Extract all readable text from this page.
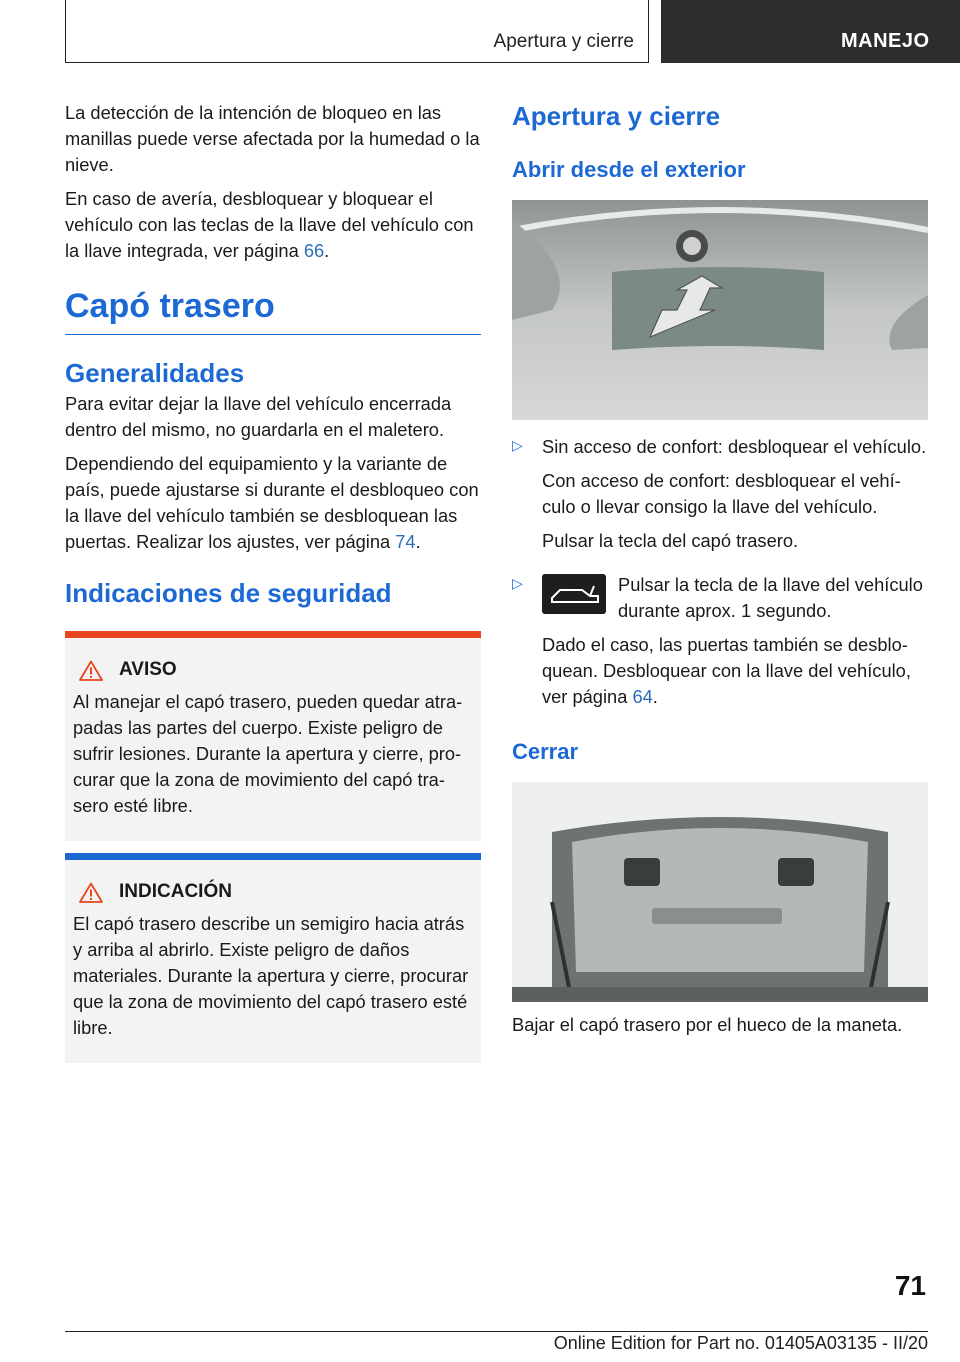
Apertura y cierre	MANEJO

La detección de la intención de bloqueo en las manillas puede verse afectada por la humedad o la nieve.

En caso de avería, desbloquear y bloquear el vehículo con las teclas de la llave del vehículo con la llave integrada, ver página 66.

Capó trasero
Generalidades

Para evitar dejar la llave del vehículo encerrada dentro del mismo, no guardarla en el maletero.

Dependiendo del equipamiento y la variante de país, puede ajustarse si durante el desbloqueo con la llave del vehículo también se desbloquean las puertas. Realizar los ajustes, ver página 74.

Indicaciones de seguridad
AVISO

Al manejar el capó trasero, pueden quedar atrapadas las partes del cuerpo. Existe peligro de sufrir lesiones. Durante la apertura y cierre, procurar que la zona de movimiento del capó trasero esté libre.

INDICACIÓN

El capó trasero describe un semigiro hacia atrás y arriba al abrirlo. Existe peligro de daños materiales. Durante la apertura y cierre, procurar que la zona de movimiento del capó trasero esté libre.

Apertura y cierre
Abrir desde el exterior
▷ Sin acceso de confort: desbloquear el vehículo.

Con acceso de confort: desbloquear el vehículo o llevar consigo la llave del vehículo.

Pulsar la tecla del capó trasero.

▷	Pulsar la tecla de la llave del vehículo durante aprox. 1 segundo.

Dado el caso, las puertas también se desbloquean. Desbloquear con la llave del vehículo, ver página 64.

Cerrar

Bajar el capó trasero por el hueco de la maneta.

71
Online Edition for Part no. 01405A03135 - II/20
